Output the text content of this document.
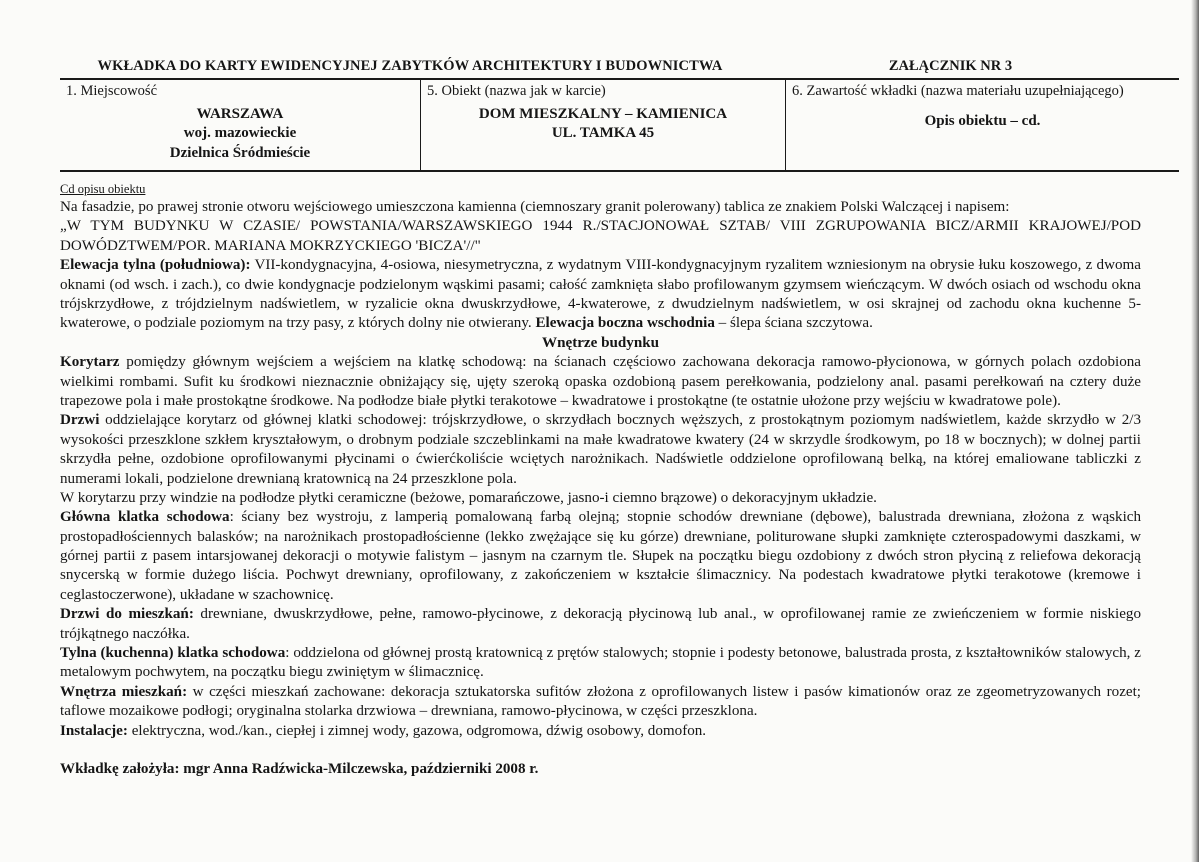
WKŁADKA DO KARTY EWIDENCYJNEJ ZABYTKÓW ARCHITEKTURY I BUDOWNICTWA	ZAŁĄCZNIK NR 3
1. Miejscowość
WARSZAWA
woj. mazowieckie
Dzielnica Śródmieście

5. Obiekt (nazwa jak w karcie)
DOM MIESZKALNY – KAMIENICA
UL. TAMKA 45

6. Zawartość wkładki (nazwa materiału uzupełniającego)
Opis obiektu – cd.
Cd opisu obiektu

Na fasadzie, po prawej stronie otworu wejściowego umieszczona kamienna (ciemnoszary granit polerowany) tablica ze znakiem Polski Walczącej i napisem:

„W TYM BUDYNKU W CZASIE/ POWSTANIA/WARSZAWSKIEGO 1944 R./STACJONOWAŁ SZTAB/ VIII ZGRUPOWANIA BICZ/ARMII KRAJOWEJ/POD DOWÓDZTWEM/POR. MARIANA MOKRZYCKIEGO 'BICZA'//"

Elewacja tylna (południowa): VII-kondygnacyjna, 4-osiowa, niesymetryczna, z wydatnym VIII-kondygnacyjnym ryzalitem wzniesionym na obrysie łuku koszowego, z dwoma oknami (od wsch. i zach.), co dwie kondygnacje podzielonym wąskimi pasami; całość zamknięta słabo profilowanym gzymsem wieńczącym. W dwóch osiach od wschodu okna trójskrzydłowe, z trójdzielnym nadświetlem, w ryzalicie okna dwuskrzydłowe, 4-kwaterowe, z dwudzielnym nadświetlem, w osi skrajnej od zachodu okna kuchenne 5-kwaterowe, o podziale poziomym na trzy pasy, z których dolny nie otwierany. Elewacja boczna wschodnia – ślepa ściana szczytowa.

Wnętrze budynku

Korytarz pomiędzy głównym wejściem a wejściem na klatkę schodową: na ścianach częściowo zachowana dekoracja ramowo-płycionowa, w górnych polach ozdobiona wielkimi rombami. Sufit ku środkowi nieznacznie obniżający się, ujęty szeroką opaska ozdobioną pasem perełkowania, podzielony anal. pasami perełkowań na cztery duże trapezowe pola i małe prostokątne środkowe. Na podłodze białe płytki terakotowe – kwadratowe i prostokątne (te ostatnie ułożone przy wejściu w kwadratowe pole).

Drzwi oddzielające korytarz od głównej klatki schodowej: trójskrzydłowe, o skrzydłach bocznych węższych, z prostokątnym poziomym nadświetlem, każde skrzydło w 2/3 wysokości przeszklone szkłem kryształowym, o drobnym podziale szczeblinkami na małe kwadratowe kwatery (24 w skrzydle środkowym, po 18 w bocznych); w dolnej partii skrzydła pełne, ozdobione oprofilowanymi płycinami o ćwierćkoliście wciętych narożnikach. Nadświetle oddzielone oprofilowaną belką, na której emaliowane tabliczki z numerami lokali, podzielone drewnianą kratownicą na 24 przeszklone pola.

W korytarzu przy windzie na podłodze płytki ceramiczne (beżowe, pomarańczowe, jasno-i ciemno brązowe) o dekoracyjnym układzie.

Główna klatka schodowa: ściany bez wystroju, z lamperią pomalowaną farbą olejną; stopnie schodów drewniane (dębowe), balustrada drewniana, złożona z wąskich prostopadłościennych balasków; na narożnikach prostopadłościenne (lekko zwężające się ku górze) drewniane, politurowane słupki zamknięte czterospadowymi daszkami, w górnej partii z pasem intarsjowanej dekoracji o motywie falistym – jasnym na czarnym tle. Słupek na początku biegu ozdobiony z dwóch stron płyciną z reliefowa dekoracją snycerską w formie dużego liścia. Pochwyt drewniany, oprofilowany, z zakończeniem w kształcie ślimacznicy. Na podestach kwadratowe płytki terakotowe (kremowe i ceglastoczerwone), układane w szachownicę.

Drzwi do mieszkań: drewniane, dwuskrzydłowe, pełne, ramowo-płycinowe, z dekoracją płycinową lub anal., w oprofilowanej ramie ze zwieńczeniem w formie niskiego trójkątnego naczółka.

Tylna (kuchenna) klatka schodowa: oddzielona od głównej prostą kratownicą z prętów stalowych; stopnie i podesty betonowe, balustrada prosta, z kształtowników stalowych, z metalowym pochwytem, na początku biegu zwiniętym w ślimacznicę.

Wnętrza mieszkań: w części mieszkań zachowane: dekoracja sztukatorska sufitów złożona z oprofilowanych listew i pasów kimationów oraz ze zgeometryzowanych rozet; taflowe mozaikowe podłogi; oryginalna stolarka drzwiowa – drewniana, ramowo-płycinowa, w części przeszklona.

Instalacje: elektryczna, wod./kan., ciepłej i zimnej wody, gazowa, odgromowa, dźwig osobowy, domofon.

Wkładkę założyła: mgr Anna Radźwicka-Milczewska, październiki 2008 r.
